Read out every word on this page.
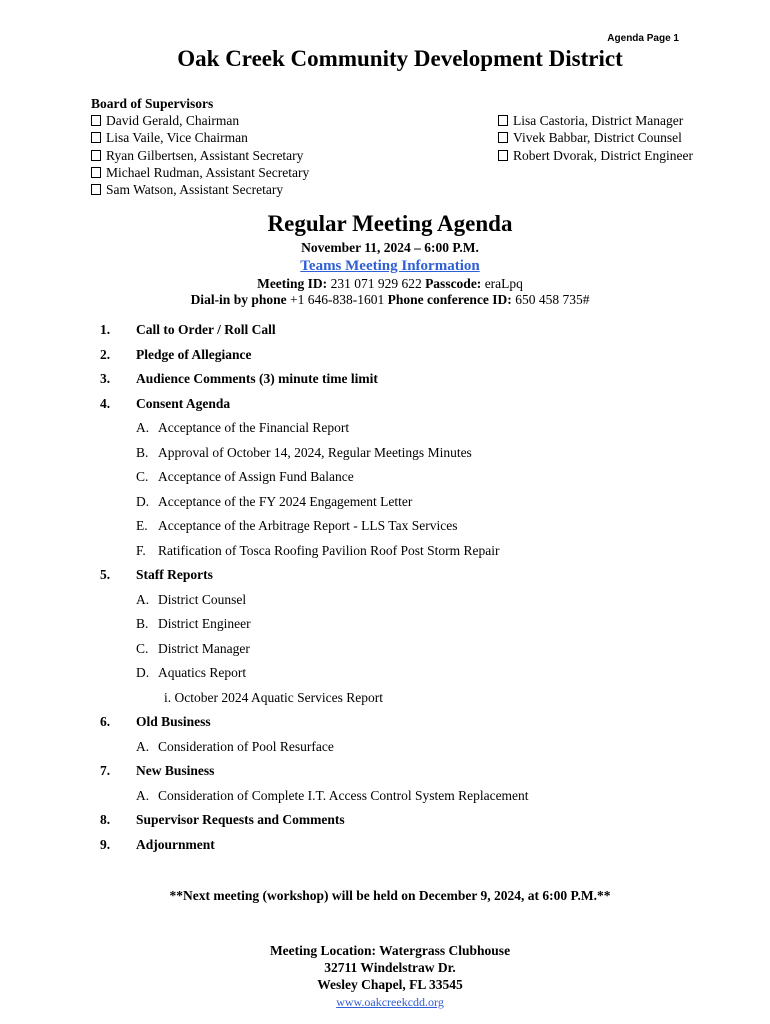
Agenda Page 1
Oak Creek Community Development District
Board of Supervisors
David Gerald, Chairman
Lisa Vaile, Vice Chairman
Ryan Gilbertsen, Assistant Secretary
Michael Rudman, Assistant Secretary
Sam Watson, Assistant Secretary
Lisa Castoria, District Manager
Vivek Babbar, District Counsel
Robert Dvorak, District Engineer
Regular Meeting Agenda
November 11, 2024 – 6:00 P.M.
Teams Meeting Information
Meeting ID: 231 071 929 622 Passcode: eraLpq
Dial-in by phone +1 646-838-1601 Phone conference ID: 650 458 735#
1. Call to Order / Roll Call
2. Pledge of Allegiance
3. Audience Comments (3) minute time limit
4. Consent Agenda
A. Acceptance of the Financial Report
B. Approval of October 14, 2024, Regular Meetings Minutes
C. Acceptance of Assign Fund Balance
D. Acceptance of the FY 2024 Engagement Letter
E. Acceptance of the Arbitrage Report - LLS Tax Services
F. Ratification of Tosca Roofing Pavilion Roof Post Storm Repair
5. Staff Reports
A. District Counsel
B. District Engineer
C. District Manager
D. Aquatics Report
i. October 2024 Aquatic Services Report
6. Old Business
A. Consideration of Pool Resurface
7. New Business
A. Consideration of Complete I.T. Access Control System Replacement
8. Supervisor Requests and Comments
9. Adjournment
**Next meeting (workshop) will be held on December 9, 2024, at 6:00 P.M.**
Meeting Location: Watergrass Clubhouse
32711 Windelstraw Dr.
Wesley Chapel, FL 33545
www.oakcreekcdd.org
